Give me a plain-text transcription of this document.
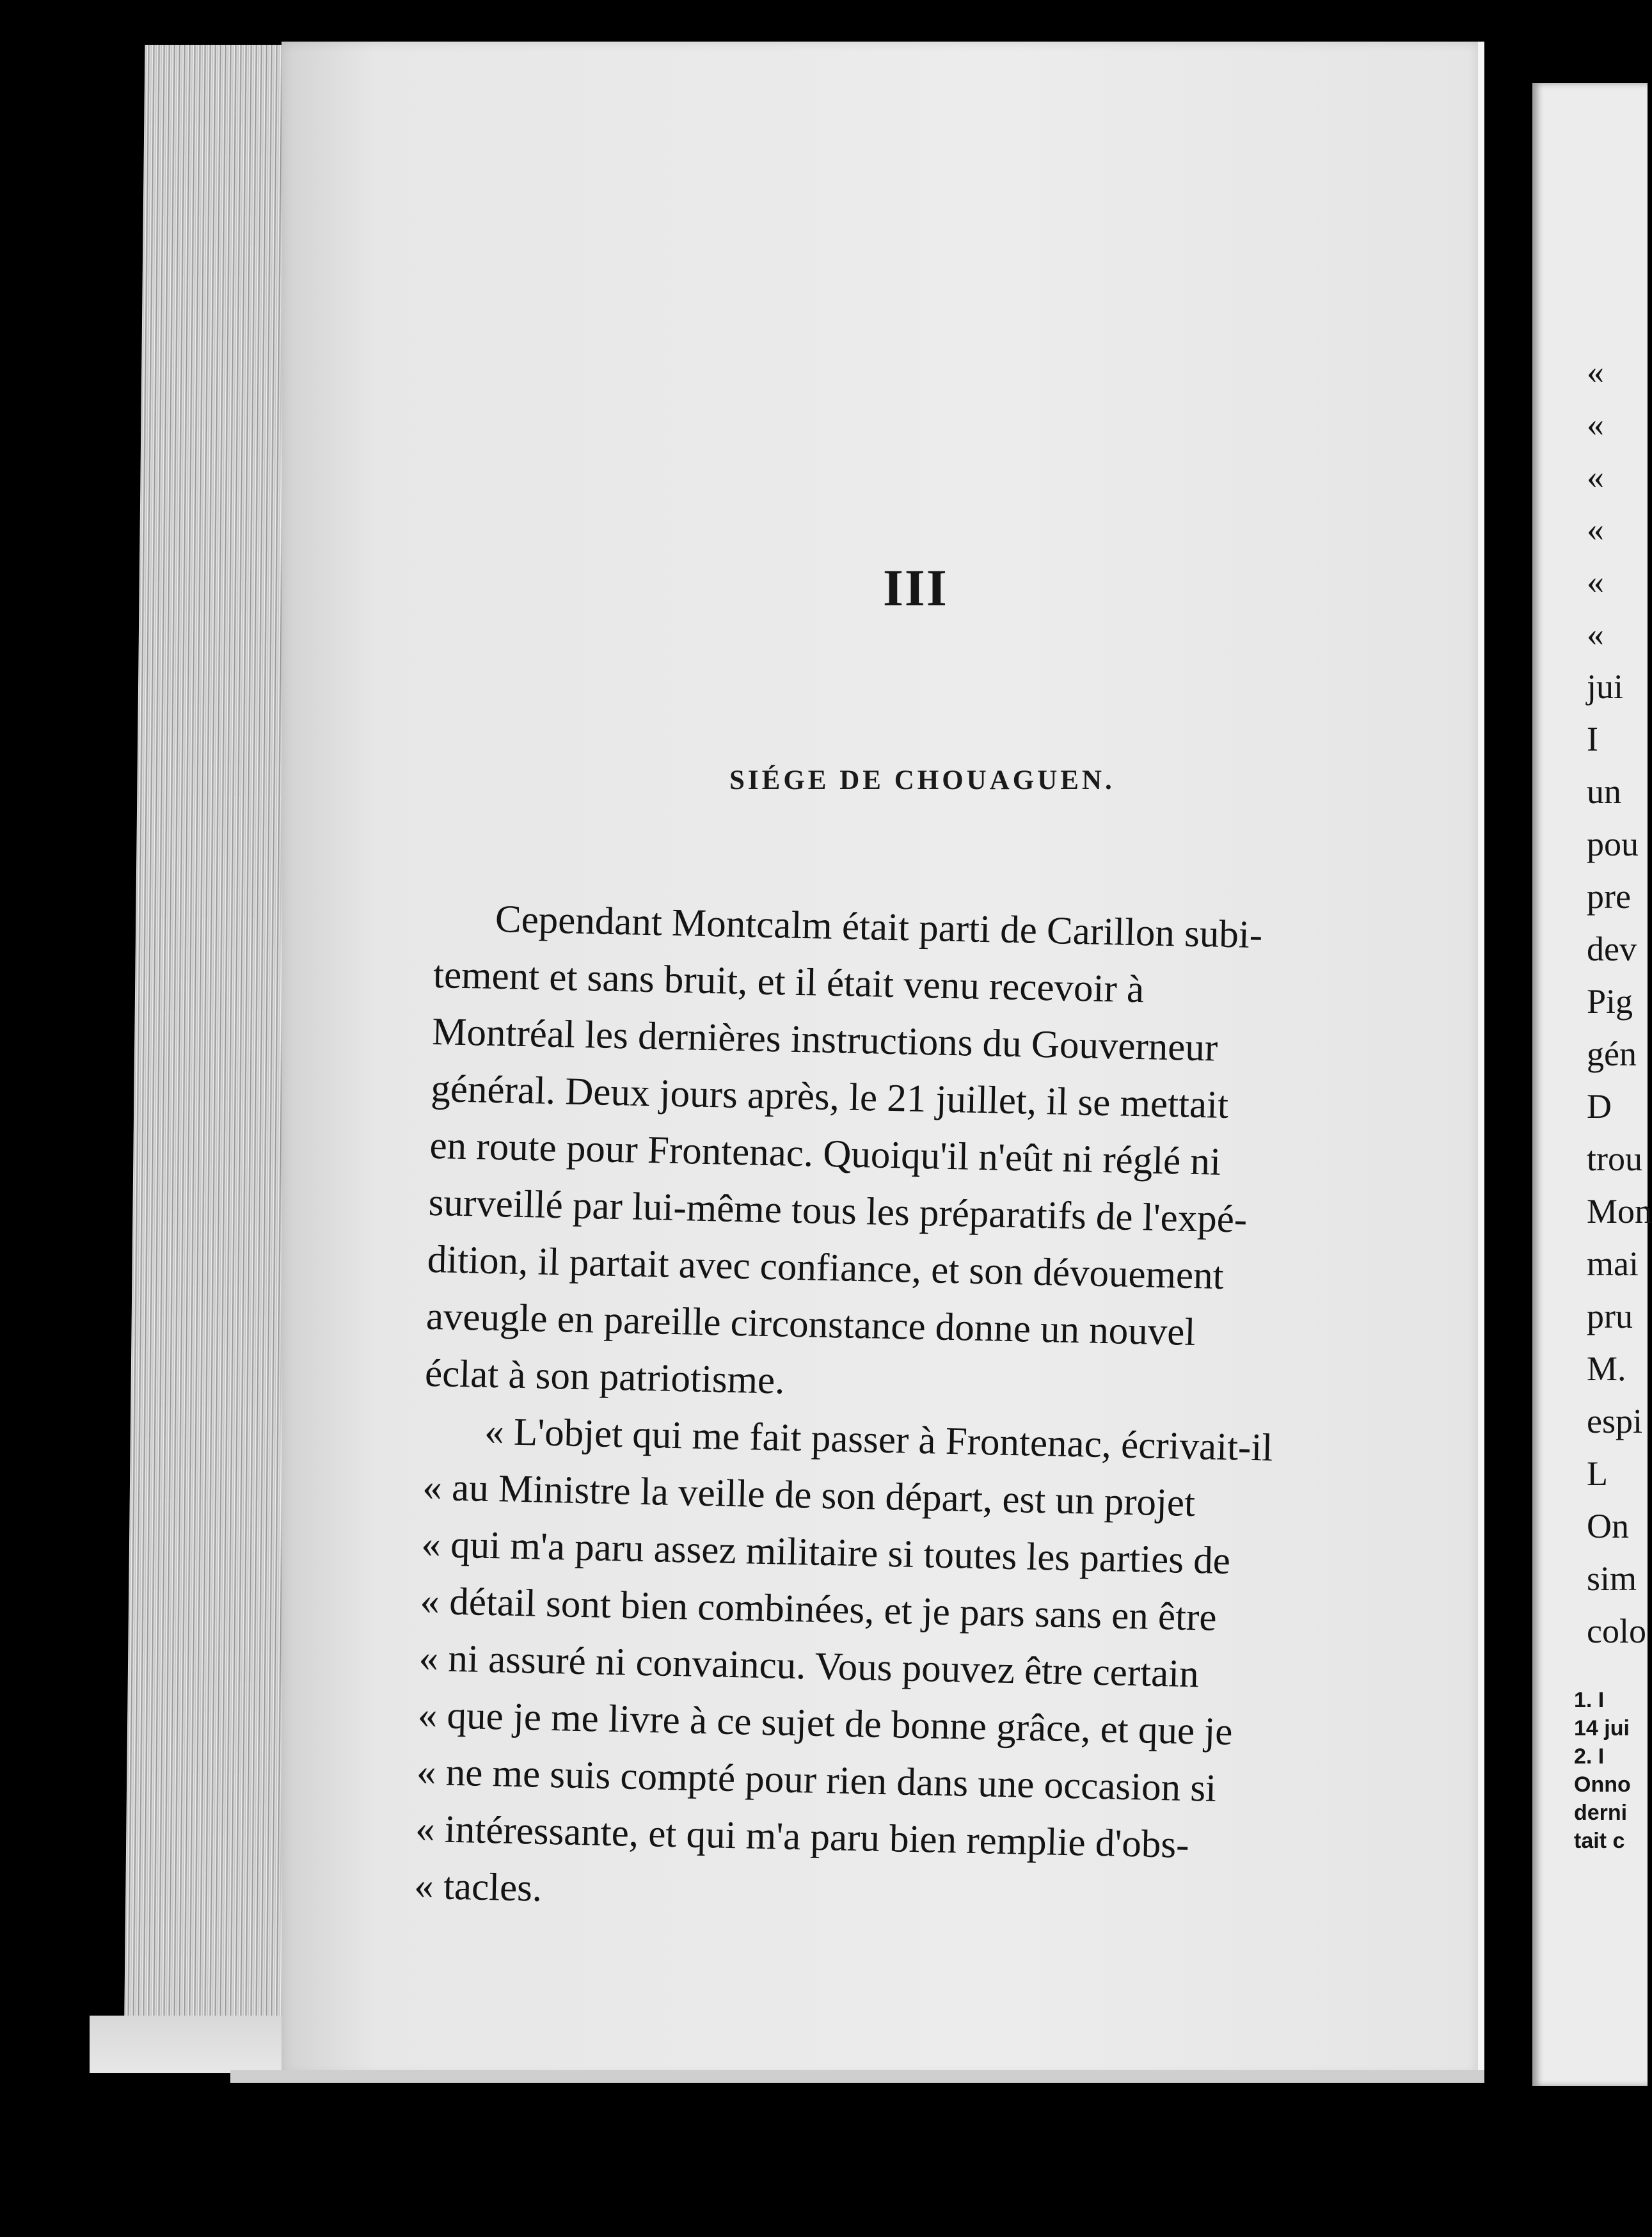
III
SIÉGE DE CHOUAGUEN.
Cependant Montcalm était parti de Carillon subi-
tement et sans bruit, et il était venu recevoir à
Montréal les dernières instructions du Gouverneur
général. Deux jours après, le 21 juillet, il se mettait
en route pour Frontenac. Quoiqu'il n'eût ni réglé ni
surveillé par lui-même tous les préparatifs de l'expé-
dition, il partait avec confiance, et son dévouement
aveugle en pareille circonstance donne un nouvel
éclat à son patriotisme.
« L'objet qui me fait passer à Frontenac, écrivait-il
« au Ministre la veille de son départ, est un projet
« qui m'a paru assez militaire si toutes les parties de
« détail sont bien combinées, et je pars sans en être
« ni assuré ni convaincu. Vous pouvez être certain
« que je me livre à ce sujet de bonne grâce, et que je
« ne me suis compté pour rien dans une occasion si
« intéressante, et qui m'a paru bien remplie d'obs-
« tacles.
«
«
«
«
«
«
jui
I
un
pou
pre
dev
Pig
gén
D
trou
Mon
mai
pru
M.
espi
L
On
sim
colo
1. I
14 jui
2. I
Onno
derni
tait c
